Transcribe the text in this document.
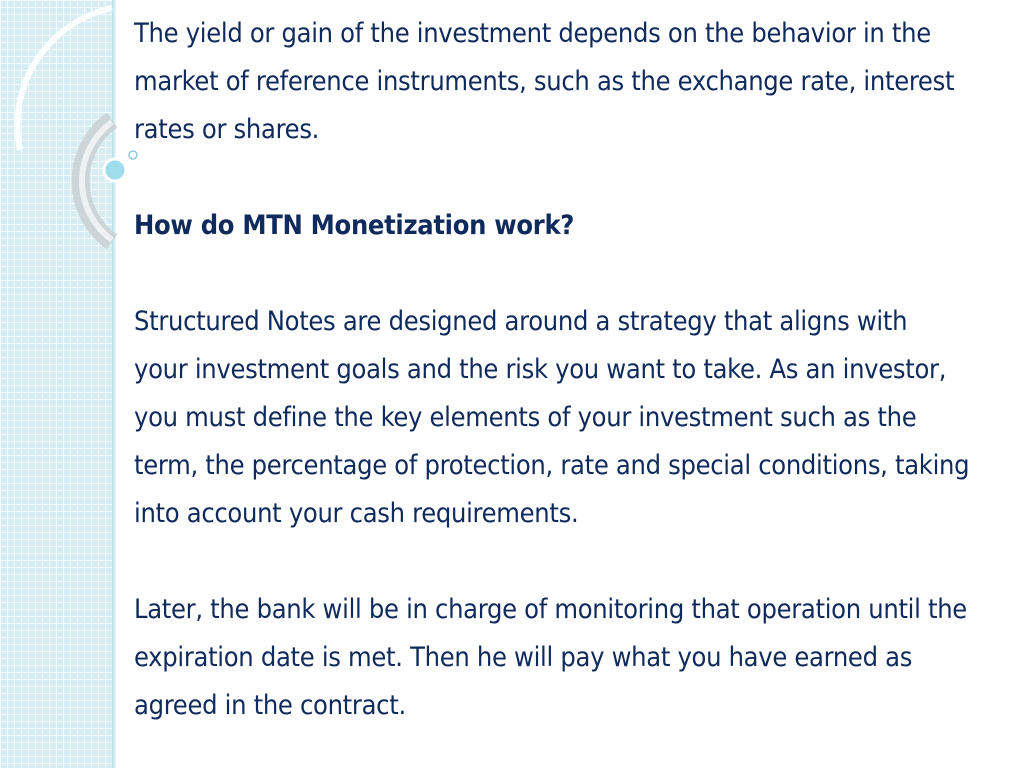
The yield or gain of the investment depends on the behavior in the
market of reference instruments, such as the exchange rate, interest
rates or shares.

How do MTN Monetization work?

Structured Notes are designed around a strategy that aligns with
your investment goals and the risk you want to take. As an investor,
you must define the key elements of your investment such as the
term, the percentage of protection, rate and special conditions, taking
into account your cash requirements.

Later, the bank will be in charge of monitoring that operation until the
expiration date is met. Then he will pay what you have earned as
agreed in the contract.
